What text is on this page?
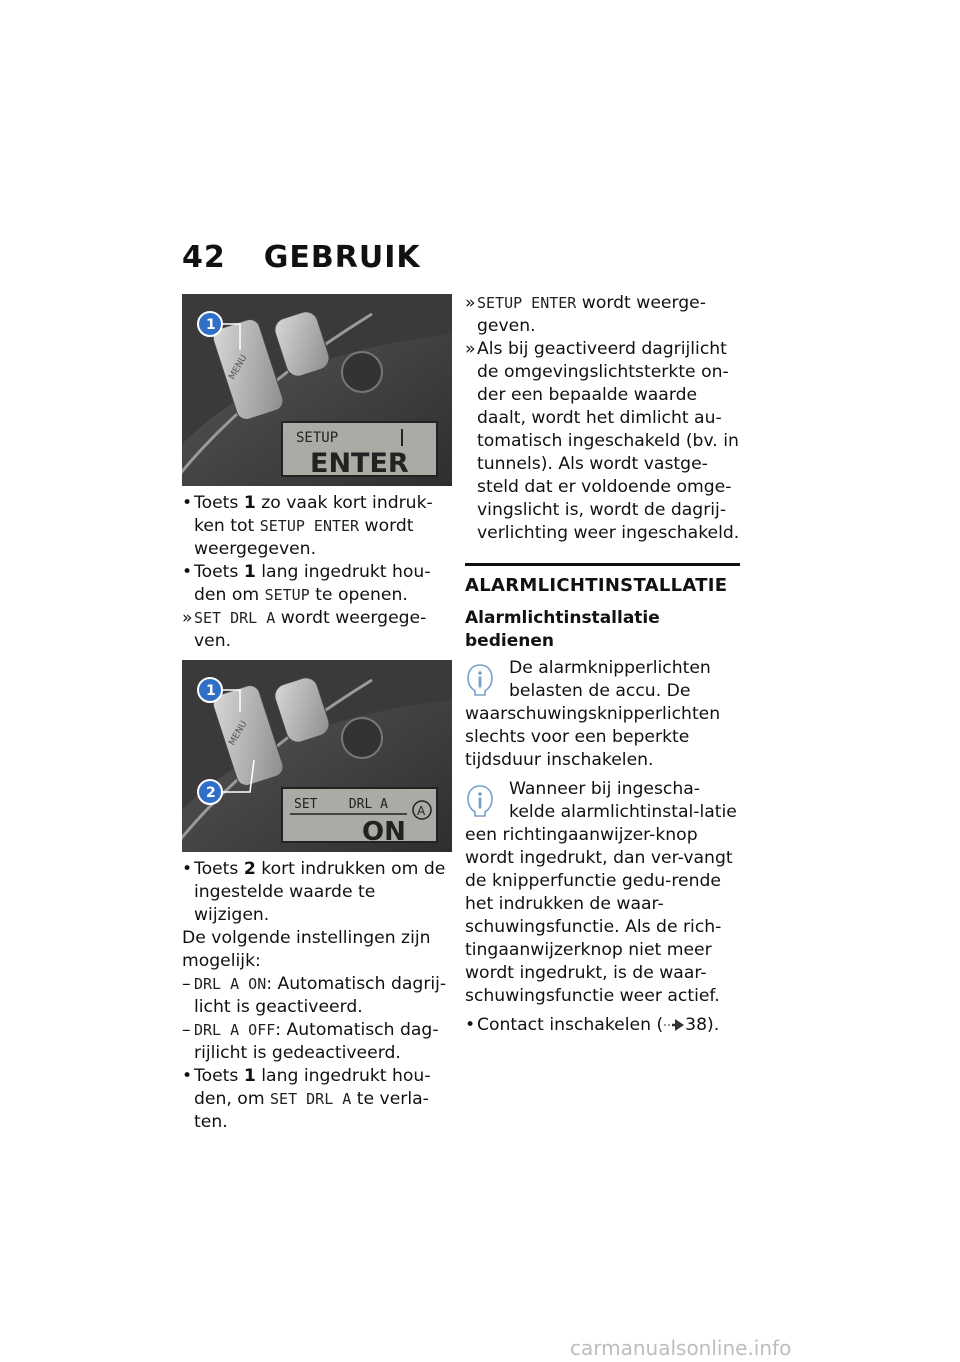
42 GEBRUIK
SETUP
ENTER
MENU
1

• Toets 1 zo vaak kort indruk-ken tot SETUP ENTER wordt weergegeven.

• Toets 1 lang ingedrukt hou-den om SETUP te openen.

» SET DRL A wordt weergege-ven.

SET    DRL A
ON
A
MENU
1
2

• Toets 2 kort indrukken om de ingestelde waarde te wijzigen.

De volgende instellingen zijn mogelijk:

– DRL A ON: Automatisch dagrij-licht is geactiveerd.

– DRL A OFF: Automatisch dag-rijlicht is gedeactiveerd.

• Toets 1 lang ingedrukt hou-den, om SET DRL A te verla-ten.

» SETUP ENTER wordt weerge-geven.

» Als bij geactiveerd dagrijlicht de omgevingslichtsterkte on-der een bepaalde waarde daalt, wordt het dimlicht au-tomatisch ingeschakeld (bv. in tunnels). Als wordt vastge-steld dat er voldoende omge-vingslicht is, wordt de dagrij-verlichting weer ingeschakeld.

ALARMLICHTINSTALLATIE

Alarmlichtinstallatie bedienen

De alarmknipperlichten belasten de accu. De waarschuwingsknipperlichten slechts voor een beperkte tijdsduur inschakelen.

Wanneer bij ingescha-kelde alarmlichtinstal-latie een richtingaanwijzer-knop wordt ingedrukt, dan ver-vangt de knipperfunctie gedu-rende het indrukken de waar-schuwingsfunctie. Als de rich-tingaanwijzerknop niet meer wordt ingedrukt, is de waar-schuwingsfunctie weer actief.

• Contact inschakelen ( 38).

carmanualsonline.info
